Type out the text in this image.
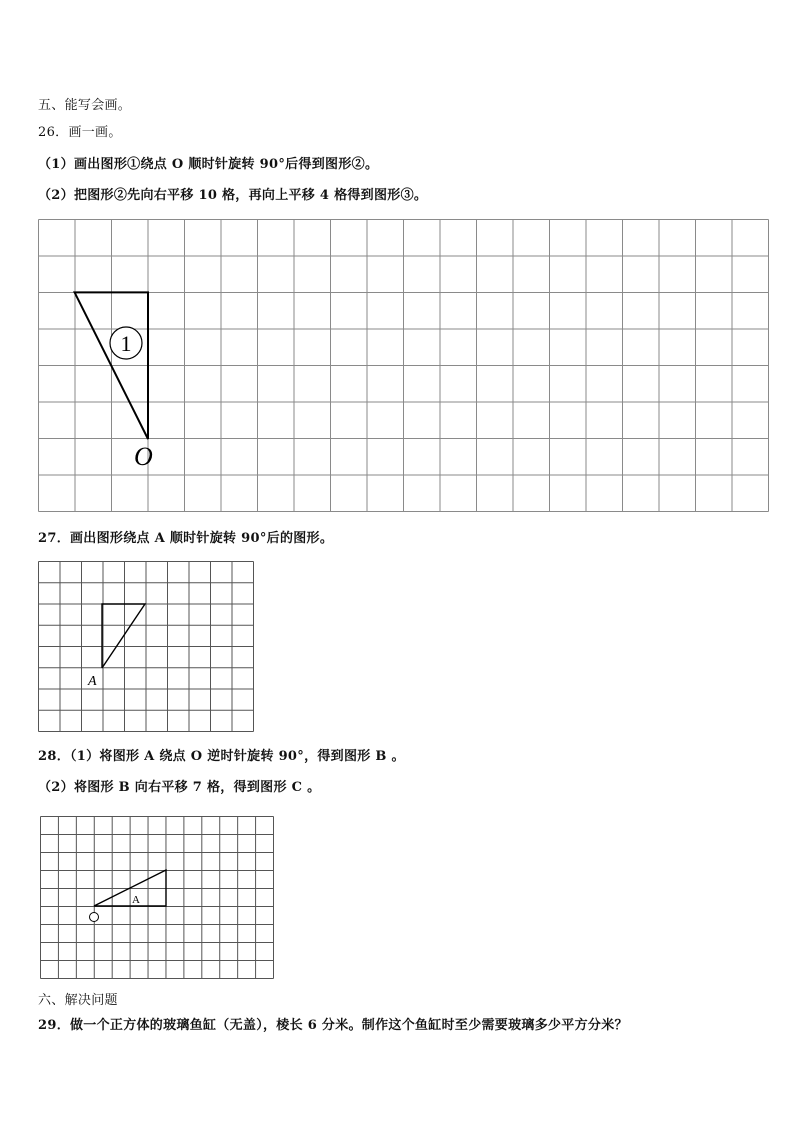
五、能写会画。
26．画一画。
（1）画出图形①绕点 O 顺时针旋转 90°后得到图形②。
（2）把图形②先向右平移 10 格，再向上平移 4 格得到图形③。
1
O
27．画出图形绕点 A 顺时针旋转 90°后的图形。
A
28．（1）将图形 A 绕点 O 逆时针旋转 90°，得到图形 B 。
（2）将图形 B 向右平移 7 格，得到图形 C 。
A
六、解决问题
29．做一个正方体的玻璃鱼缸（无盖），棱长 6 分米。制作这个鱼缸时至少需要玻璃多少平方分米？
